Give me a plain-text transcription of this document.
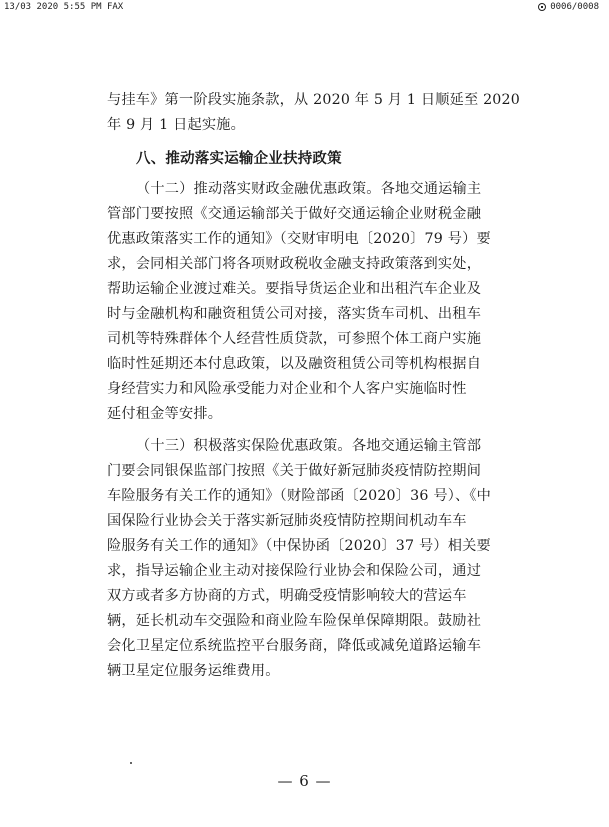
13/03 2020 5:55 PM FAX	0006/0008
与挂车》第一阶段实施条款，从 2020 年 5 月 1 日顺延至 2020
年 9 月 1 日起实施。
八、推动落实运输企业扶持政策
（十二）推动落实财政金融优惠政策。各地交通运输主
管部门要按照《交通运输部关于做好交通运输企业财税金融
优惠政策落实工作的通知》（交财审明电〔2020〕79 号）要
求，会同相关部门将各项财政税收金融支持政策落到实处，
帮助运输企业渡过难关。要指导货运企业和出租汽车企业及
时与金融机构和融资租赁公司对接，落实货车司机、出租车
司机等特殊群体个人经营性质贷款，可参照个体工商户实施
临时性延期还本付息政策，以及融资租赁公司等机构根据自
身经营实力和风险承受能力对企业和个人客户实施临时性
延付租金等安排。
（十三）积极落实保险优惠政策。各地交通运输主管部
门要会同银保监部门按照《关于做好新冠肺炎疫情防控期间
车险服务有关工作的通知》（财险部函〔2020〕36 号）、《中
国保险行业协会关于落实新冠肺炎疫情防控期间机动车车
险服务有关工作的通知》（中保协函〔2020〕37 号）相关要
求，指导运输企业主动对接保险行业协会和保险公司，通过
双方或者多方协商的方式，明确受疫情影响较大的营运车
辆，延长机动车交强险和商业险车险保单保障期限。鼓励社
会化卫星定位系统监控平台服务商，降低或减免道路运输车
辆卫星定位服务运维费用。
— 6 —
